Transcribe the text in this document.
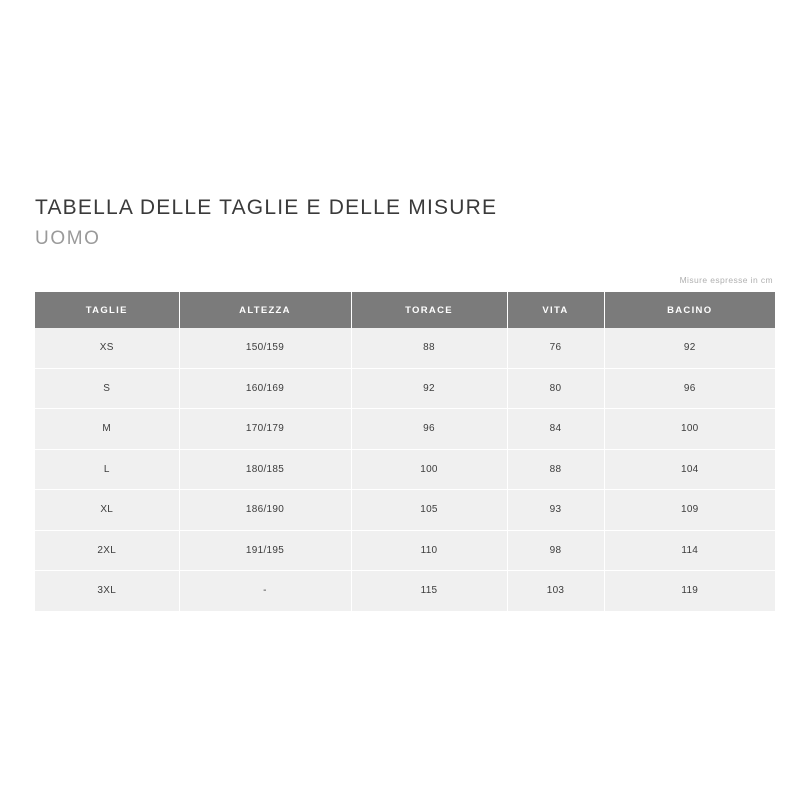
TABELLA DELLE TAGLIE E DELLE MISURE
UOMO
Misure espresse in cm
TAGLIE	ALTEZZA	TORACE	VITA	BACINO
XS	150/159	88	76	92
S	160/169	92	80	96
M	170/179	96	84	100
L	180/185	100	88	104
XL	186/190	105	93	109
2XL	191/195	110	98	114
3XL	-	115	103	119
